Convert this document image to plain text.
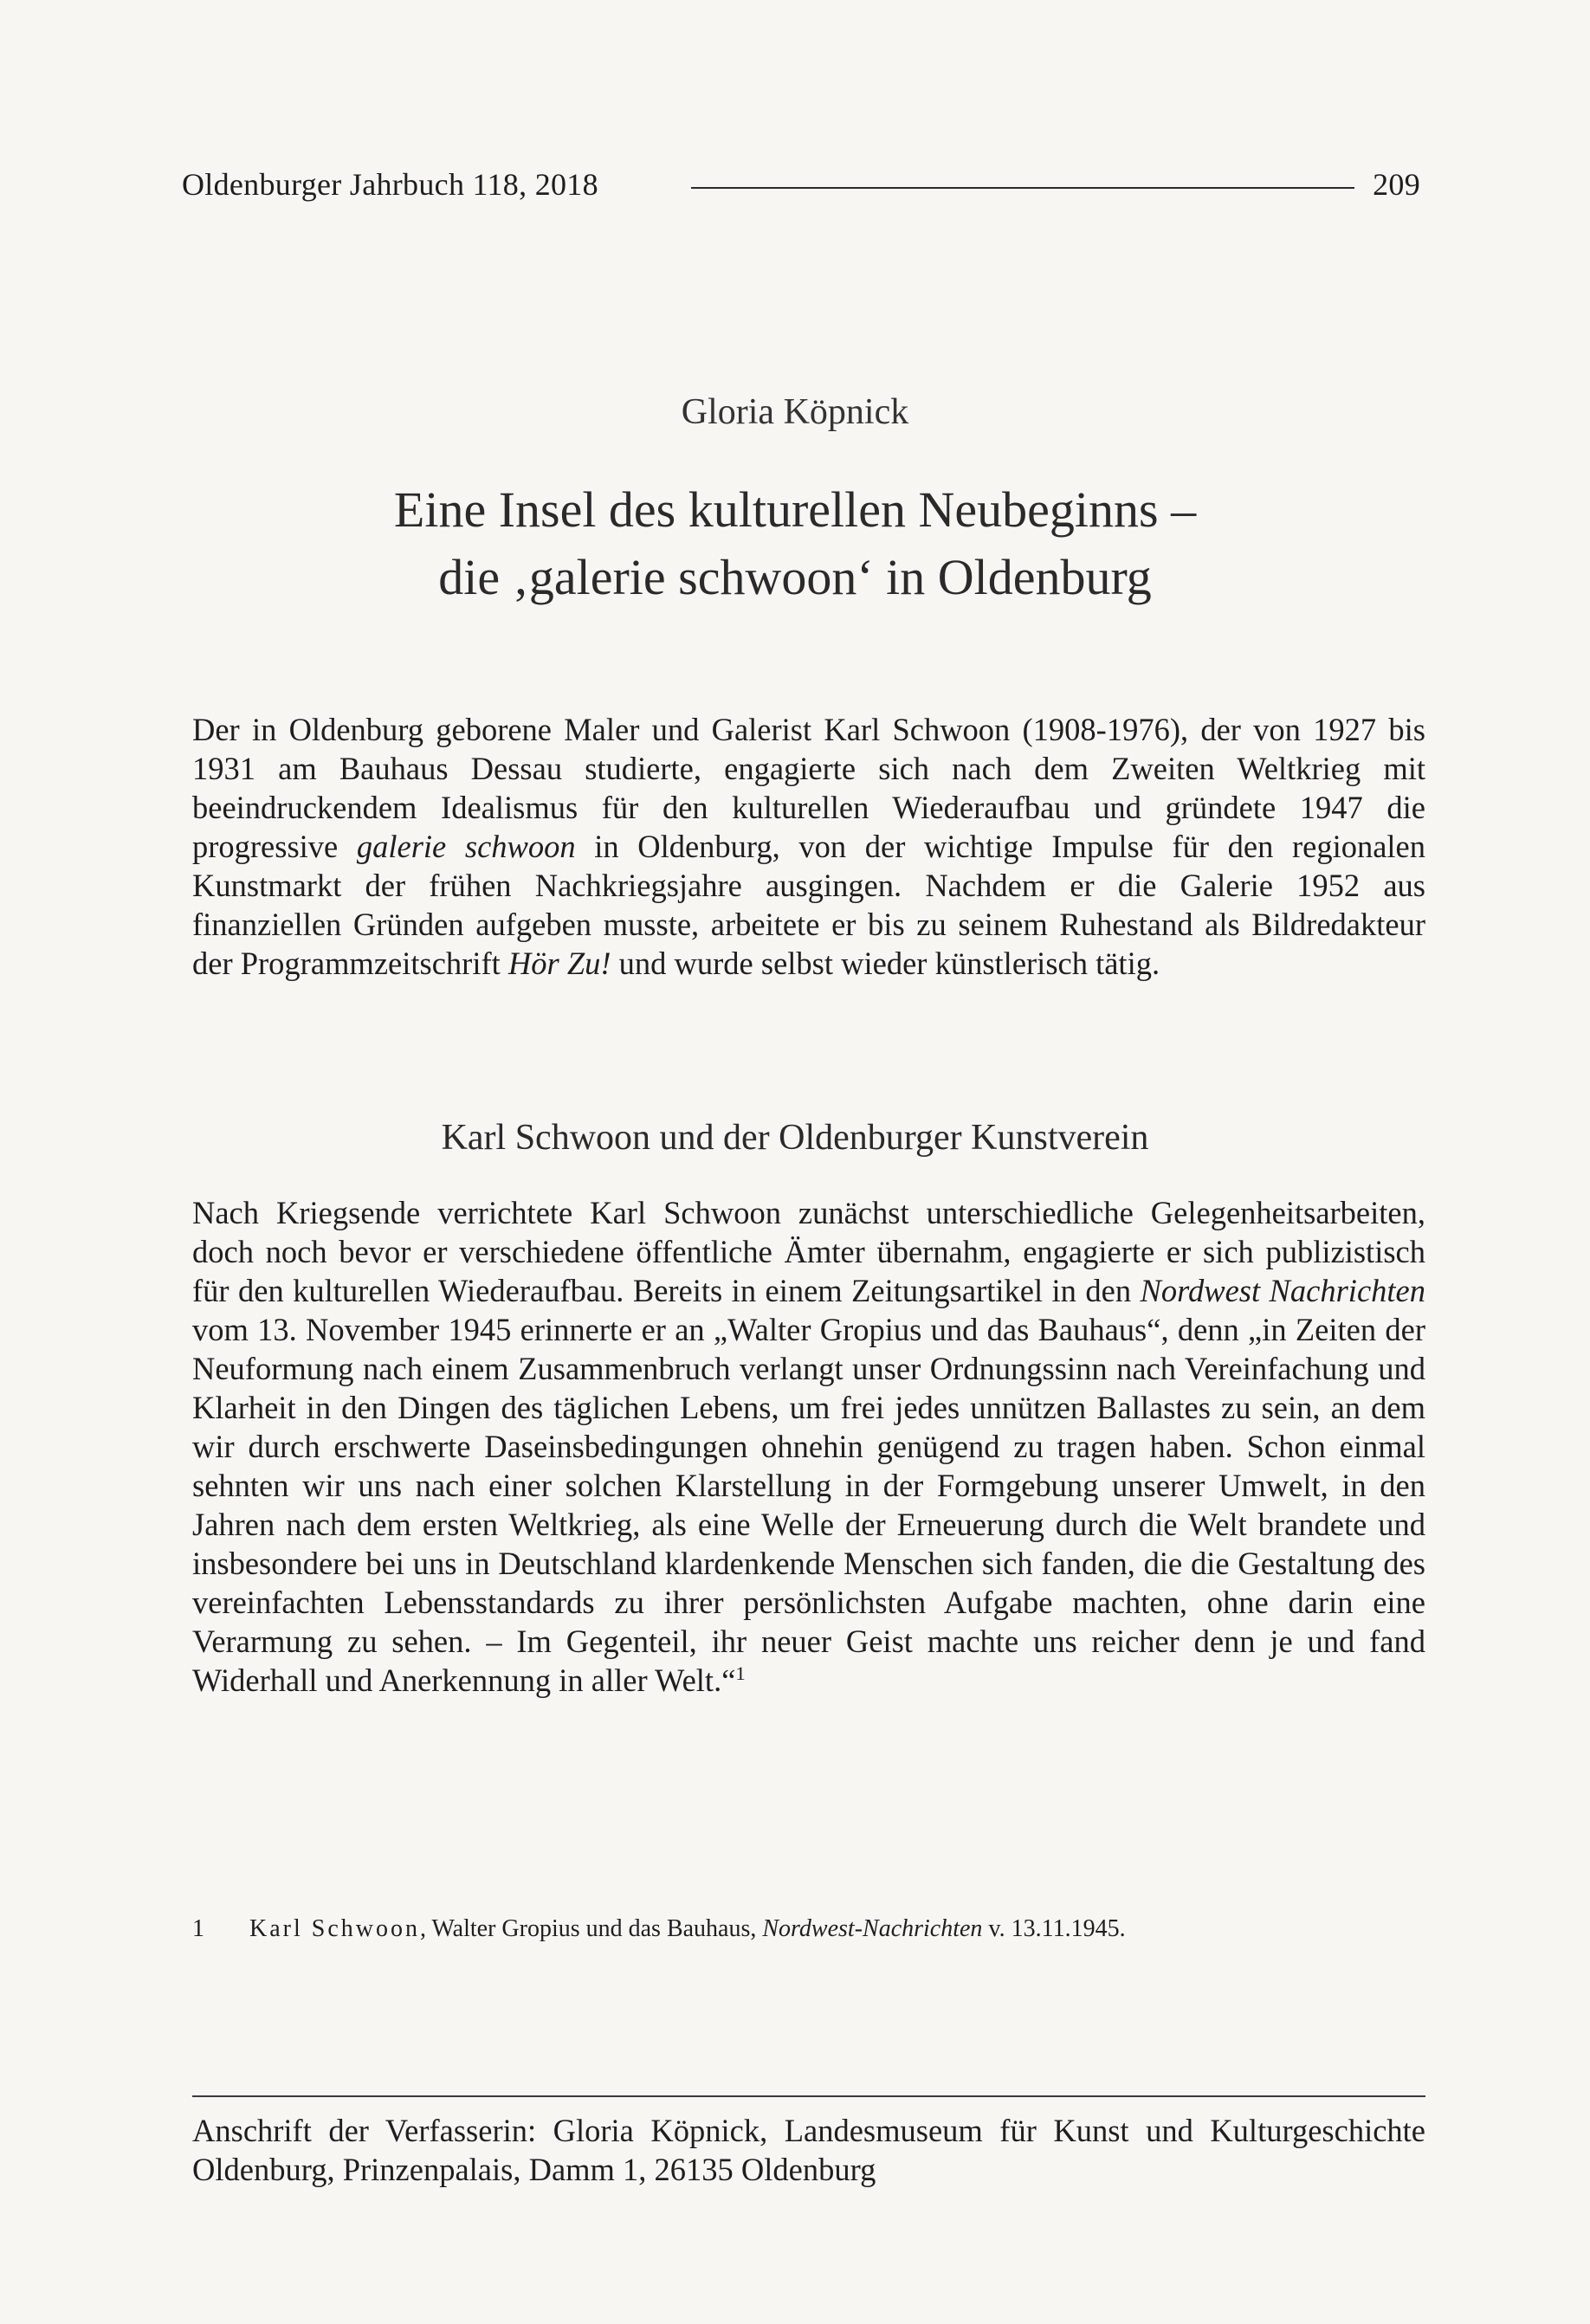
Oldenburger Jahrbuch 118, 2018	209
Gloria Köpnick
Eine Insel des kulturellen Neubeginns –
die ‚galerie schwoon‘ in Oldenburg

Der in Oldenburg geborene Maler und Galerist Karl Schwoon (1908-1976), der von 1927 bis 1931 am Bauhaus Dessau studierte, engagierte sich nach dem Zweiten Weltkrieg mit beeindruckendem Idealismus für den kulturellen Wiederaufbau und gründete 1947 die progressive galerie schwoon in Oldenburg, von der wichtige Impulse für den regionalen Kunstmarkt der frühen Nachkriegsjahre ausgingen. Nachdem er die Galerie 1952 aus finanziellen Gründen aufgeben musste, arbeitete er bis zu seinem Ruhestand als Bildredakteur der Programmzeitschrift Hör Zu! und wurde selbst wieder künstlerisch tätig.

Karl Schwoon und der Oldenburger Kunstverein

Nach Kriegsende verrichtete Karl Schwoon zunächst unterschiedliche Gelegenheitsarbeiten, doch noch bevor er verschiedene öffentliche Ämter übernahm, engagierte er sich publizistisch für den kulturellen Wiederaufbau. Bereits in einem Zeitungsartikel in den Nordwest Nachrichten vom 13. November 1945 erinnerte er an „Walter Gropius und das Bauhaus“, denn „in Zeiten der Neuformung nach einem Zusammenbruch verlangt unser Ordnungssinn nach Vereinfachung und Klarheit in den Dingen des täglichen Lebens, um frei jedes unnützen Ballastes zu sein, an dem wir durch erschwerte Daseinsbedingungen ohnehin genügend zu tragen haben. Schon einmal sehnten wir uns nach einer solchen Klarstellung in der Formgebung unserer Umwelt, in den Jahren nach dem ersten Weltkrieg, als eine Welle der Erneuerung durch die Welt brandete und insbesondere bei uns in Deutschland klardenkende Menschen sich fanden, die die Gestaltung des vereinfachten Lebensstandards zu ihrer persönlichsten Aufgabe machten, ohne darin eine Verarmung zu sehen. – Im Gegenteil, ihr neuer Geist machte uns reicher denn je und fand Widerhall und Anerkennung in aller Welt.“$^1$

1 Karl Schwoon, Walter Gropius und das Bauhaus, Nordwest-Nachrichten v. 13.11.1945.
Anschrift der Verfasserin: Gloria Köpnick, Landesmuseum für Kunst und Kulturgeschichte Oldenburg, Prinzenpalais, Damm 1, 26135 Oldenburg
